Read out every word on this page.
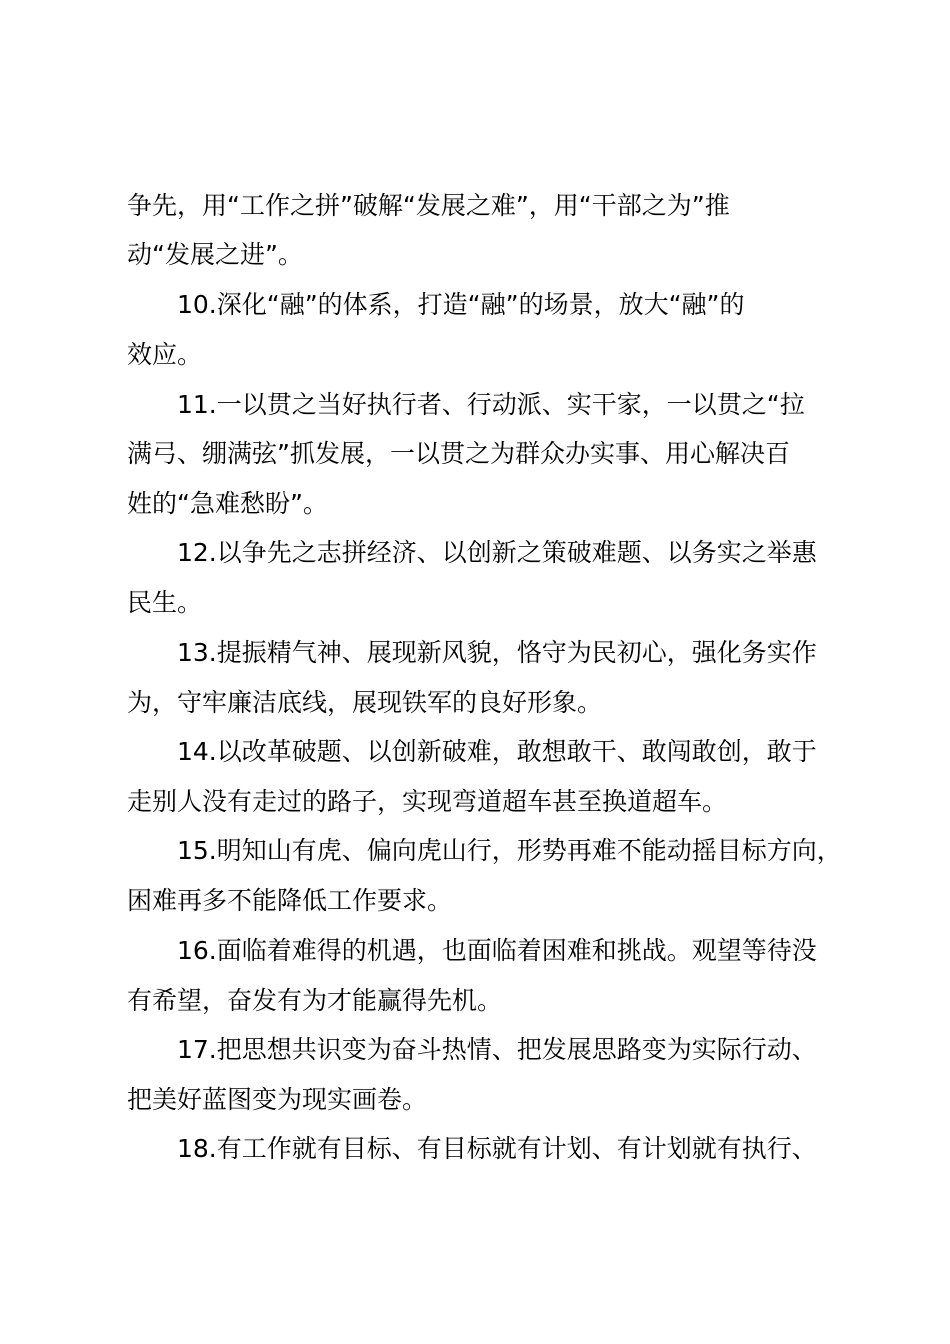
争先，用“工作之拼”破解“发展之难”，用“干部之为”推
动“发展之进”。
10.深化“融”的体系，打造“融”的场景，放大“融”的
效应。
11.一以贯之当好执行者、行动派、实干家，一以贯之“拉
满弓、绷满弦”抓发展，一以贯之为群众办实事、用心解决百
姓的“急难愁盼”。
12.以争先之志拼经济、以创新之策破难题、以务实之举惠
民生。
13.提振精气神、展现新风貌，恪守为民初心，强化务实作
为，守牢廉洁底线，展现铁军的良好形象。
14.以改革破题、以创新破难，敢想敢干、敢闯敢创，敢于
走别人没有走过的路子，实现弯道超车甚至换道超车。
15.明知山有虎、偏向虎山行，形势再难不能动摇目标方向，
困难再多不能降低工作要求。
16.面临着难得的机遇，也面临着困难和挑战。观望等待没
有希望，奋发有为才能赢得先机。
17.把思想共识变为奋斗热情、把发展思路变为实际行动、
把美好蓝图变为现实画卷。
18.有工作就有目标、有目标就有计划、有计划就有执行、
